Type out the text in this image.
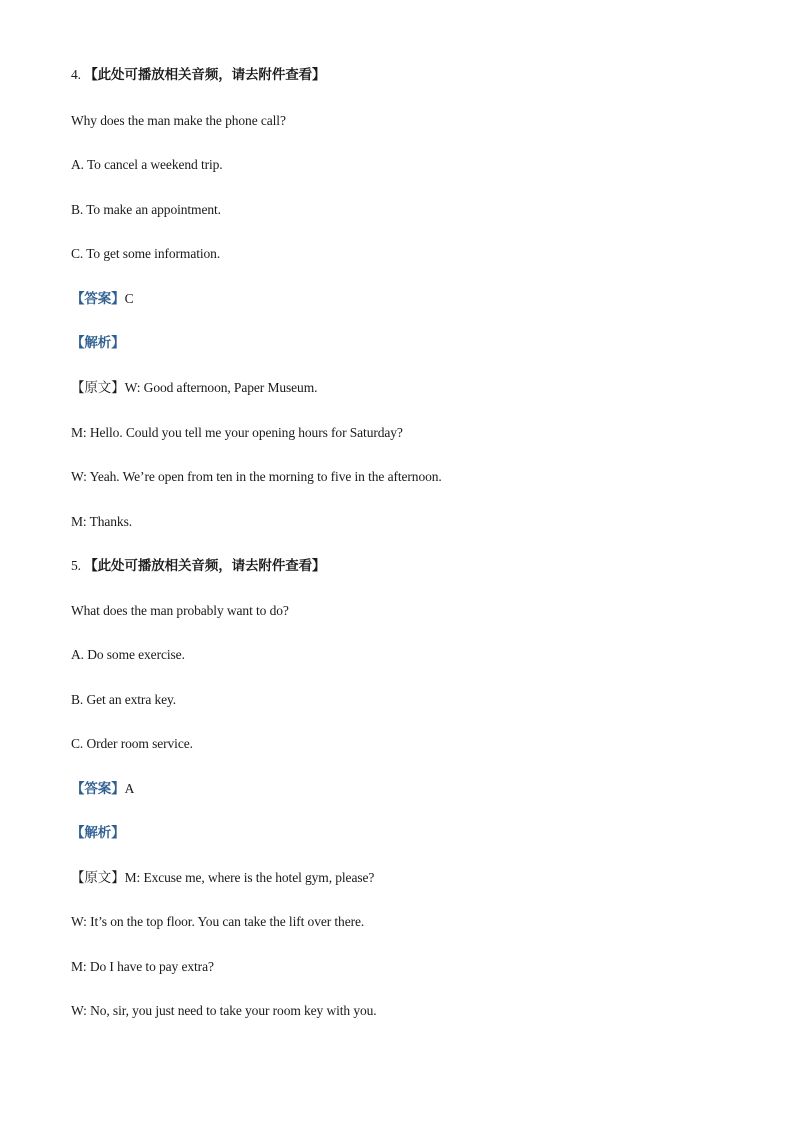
4. 【此处可播放相关音频，请去附件查看】
Why does the man make the phone call?
A. To cancel a weekend trip.
B. To make an appointment.
C. To get some information.
【答案】C
【解析】
【原文】W: Good afternoon, Paper Museum.
M: Hello. Could you tell me your opening hours for Saturday?
W: Yeah. We’re open from ten in the morning to five in the afternoon.
M: Thanks.
5. 【此处可播放相关音频，请去附件查看】
What does the man probably want to do?
A. Do some exercise.
B. Get an extra key.
C. Order room service.
【答案】A
【解析】
【原文】M: Excuse me, where is the hotel gym, please?
W: It’s on the top floor. You can take the lift over there.
M: Do I have to pay extra?
W: No, sir, you just need to take your room key with you.
